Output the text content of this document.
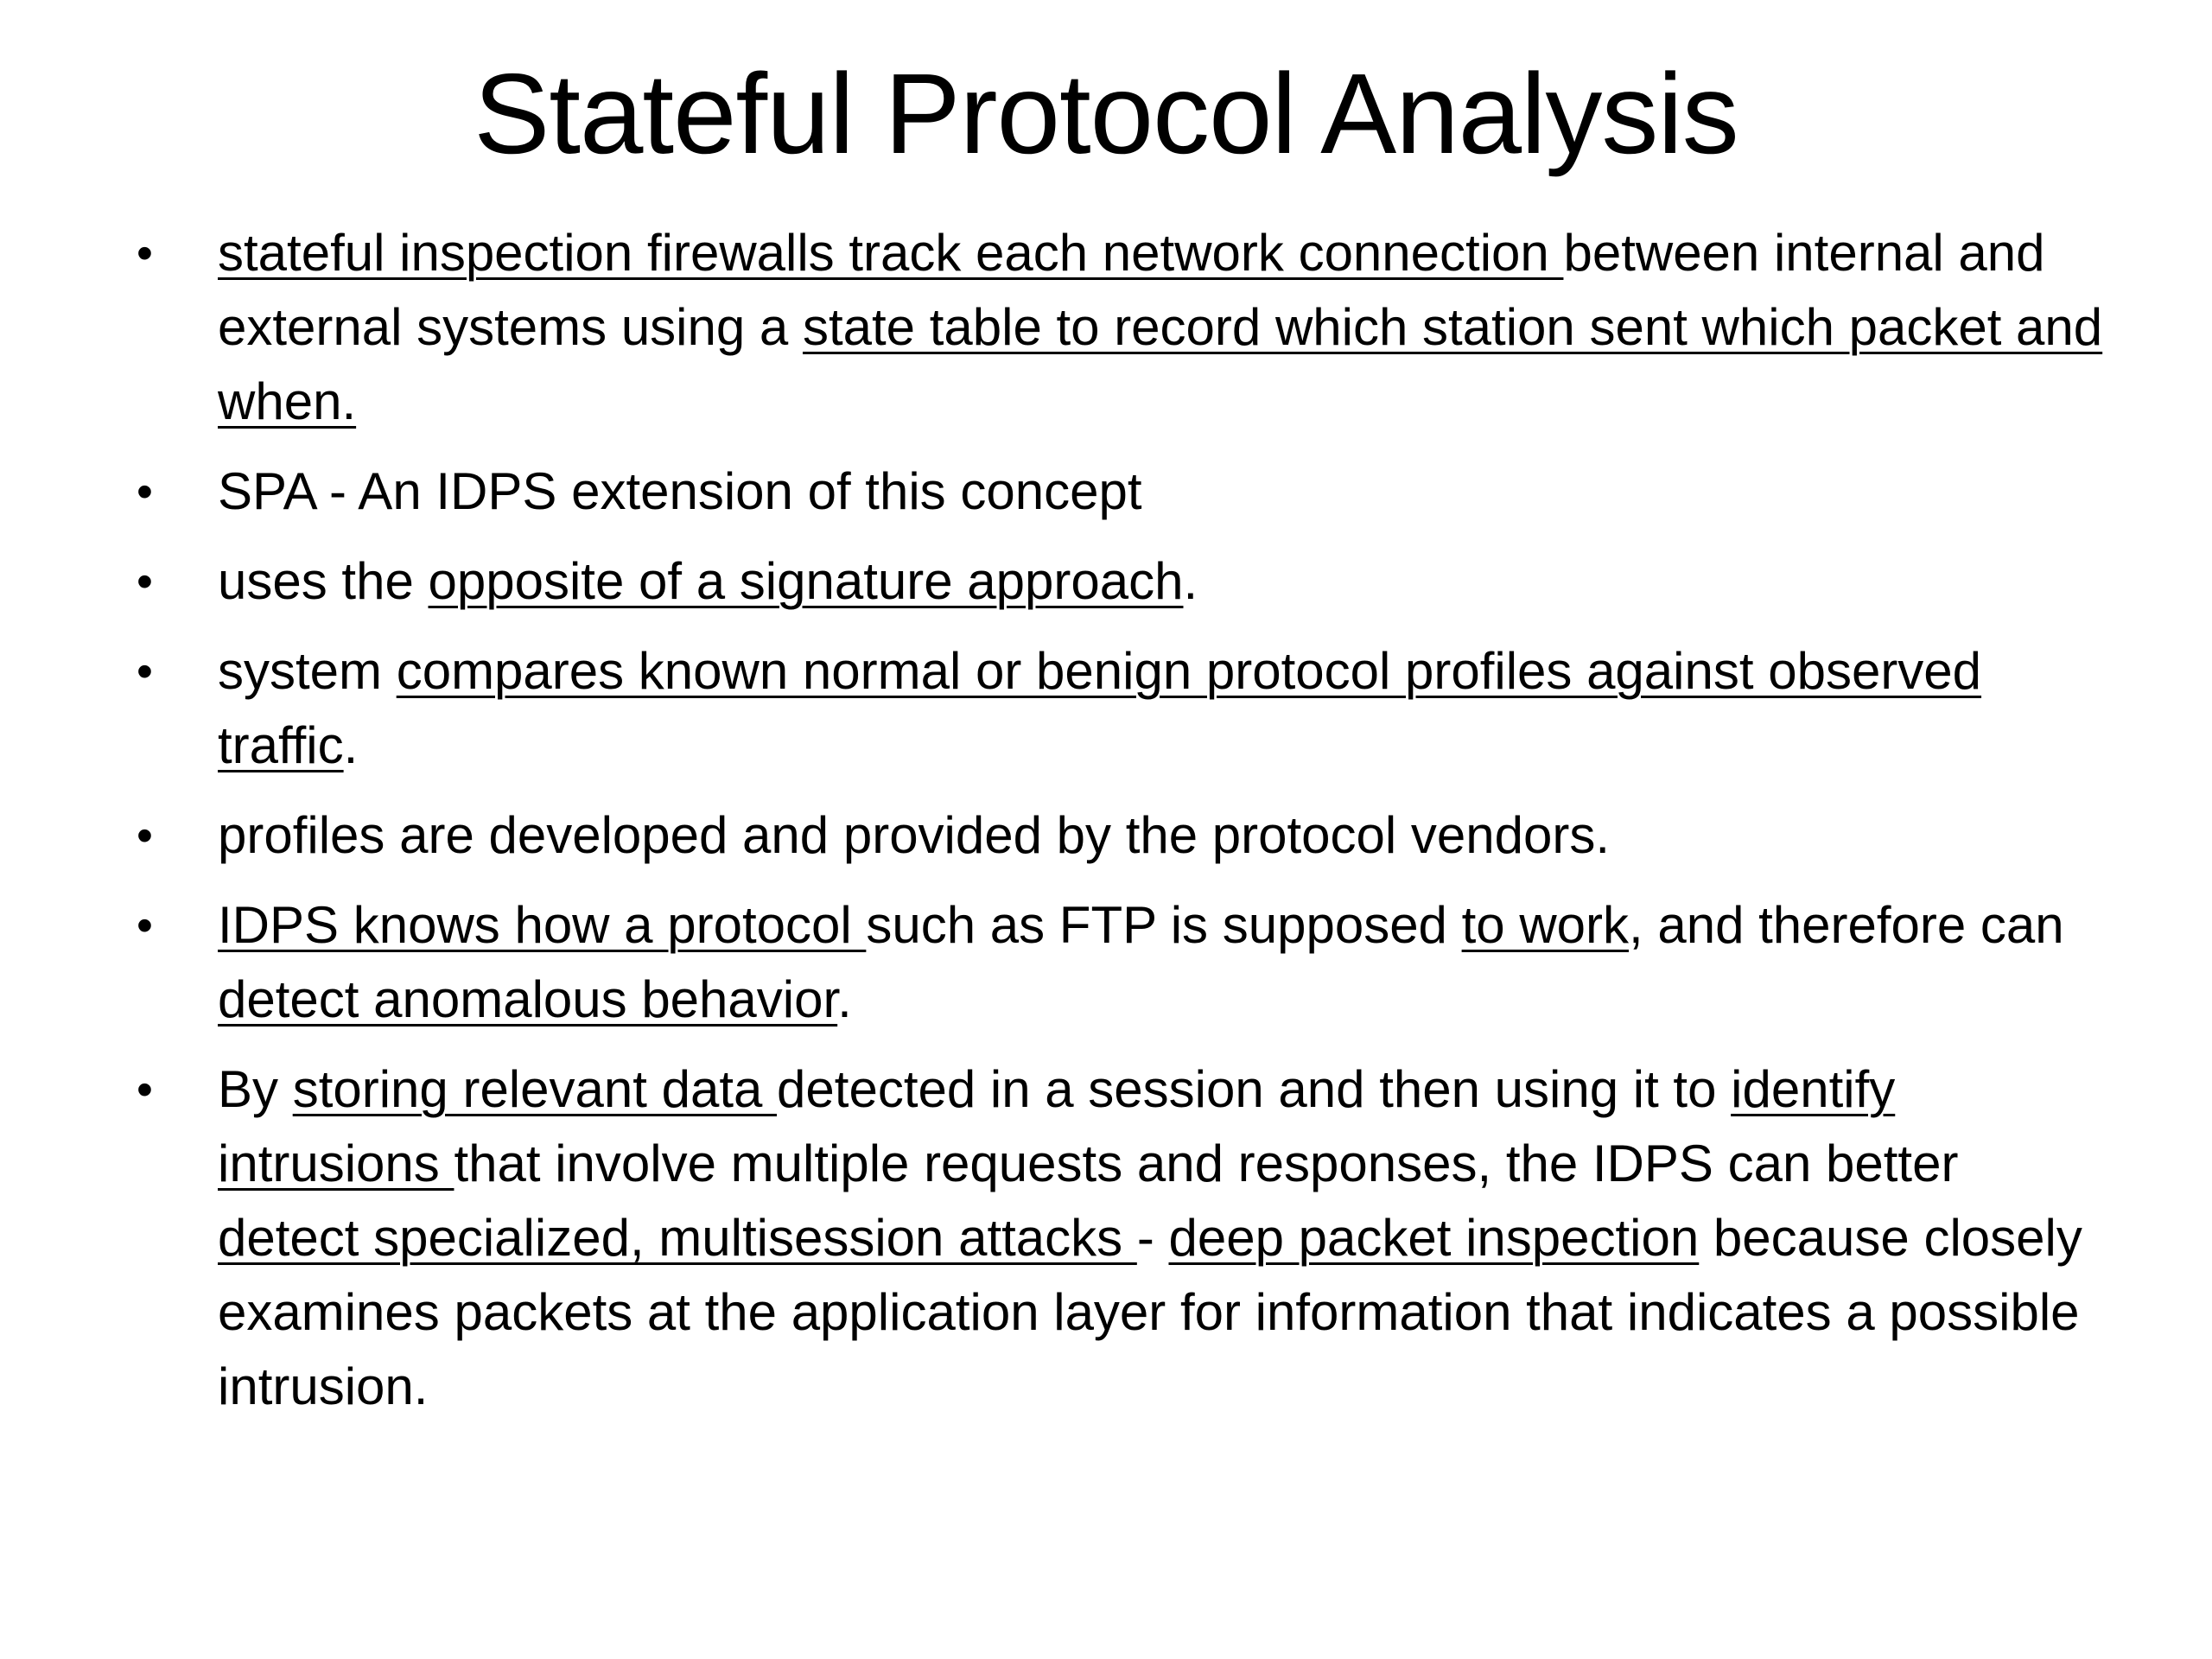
Stateful Protocol Analysis
• stateful inspection firewalls track each network connection between internal and external systems using a state table to record which station sent which packet and when.
• SPA - An IDPS extension of this concept
• uses the opposite of a signature approach.
• system compares known normal or benign protocol profiles against observed traffic.
• profiles are developed and provided by the protocol vendors.
• IDPS knows how a protocol such as FTP is supposed to work, and therefore can detect anomalous behavior.
• By storing relevant data detected in a session and then using it to identify intrusions that involve multiple requests and responses, the IDPS can better detect specialized, multisession attacks - deep packet inspection because closely examines packets at the application layer for information that indicates a possible intrusion.
